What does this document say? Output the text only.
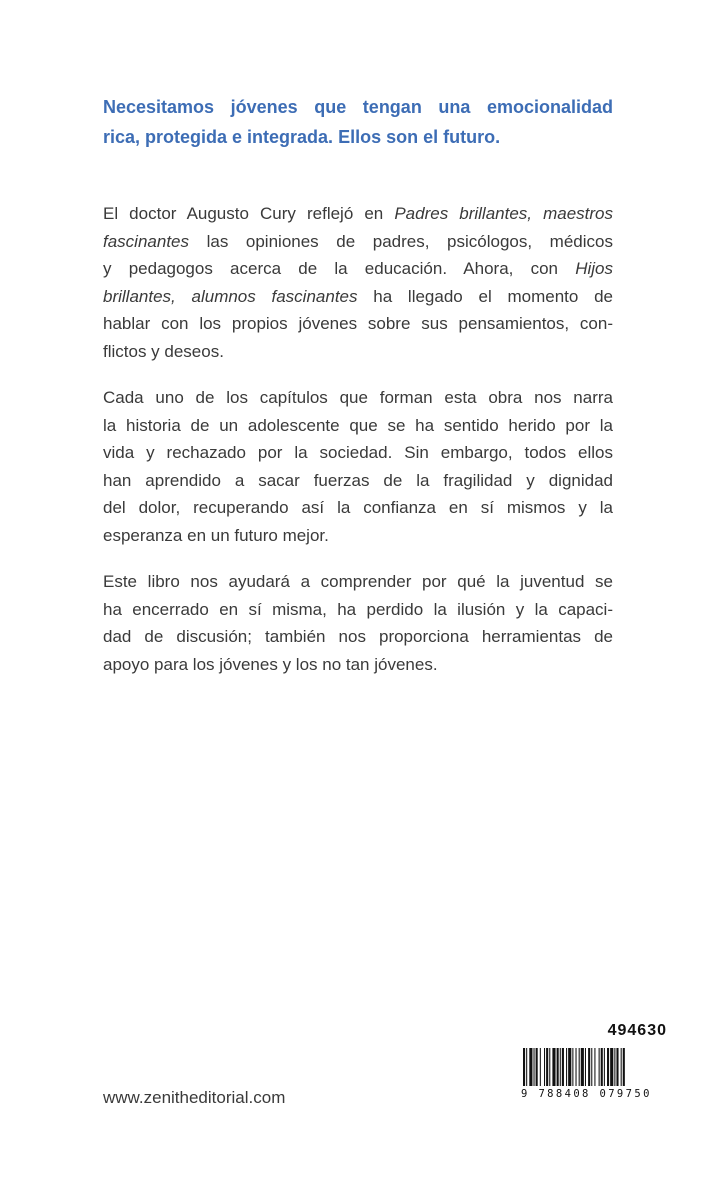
Necesitamos jóvenes que tengan una emocionalidad
rica, protegida e integrada. Ellos son el futuro.
El doctor Augusto Cury reflejó en Padres brillantes, maestros
fascinantes las opiniones de padres, psicólogos, médicos
y pedagogos acerca de la educación. Ahora, con Hijos
brillantes, alumnos fascinantes ha llegado el momento de
hablar con los propios jóvenes sobre sus pensamientos, con-
flictos y deseos.
Cada uno de los capítulos que forman esta obra nos narra
la historia de un adolescente que se ha sentido herido por la
vida y rechazado por la sociedad. Sin embargo, todos ellos
han aprendido a sacar fuerzas de la fragilidad y dignidad
del dolor, recuperando así la confianza en sí mismos y la
esperanza en un futuro mejor.
Este libro nos ayudará a comprender por qué la juventud se
ha encerrado en sí misma, ha perdido la ilusión y la capaci-
dad de discusión; también nos proporciona herramientas de
apoyo para los jóvenes y los no tan jóvenes.
www.zenitheditorial.com
494630
9 788408 079750
